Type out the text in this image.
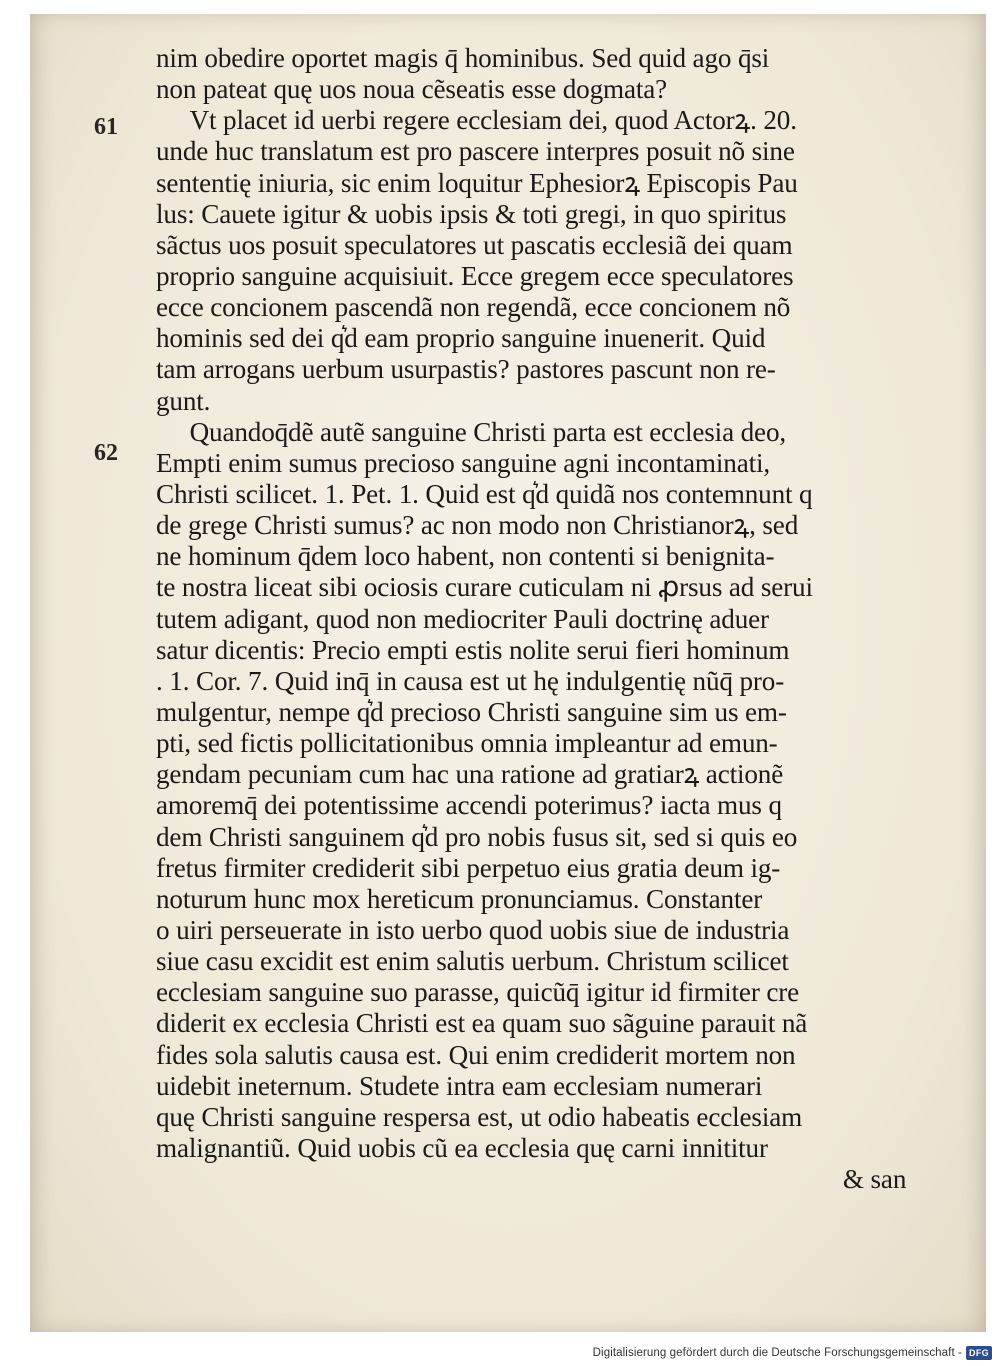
61
62
nim obedire oportet magis q̄ hominibus. Sed quid ago q̄si
non pateat quę uos noua cẽseatis esse dogmata?
Vt placet id uerbi regere ecclesiam dei, quod Actorꝝ. 20.
unde huc translatum est pro pascere interpres posuit nõ sine
sententię iniuria, sic enim loquitur Ephesiorꝝ Episcopis Pau
lus: Cauete igitur & uobis ipsis & toti gregi, in quo spiritus
sãctus uos posuit speculatores ut pascatis ecclesiã dei quam
proprio sanguine acquisiuit. Ecce gregem ecce speculatores
ecce concionem pascendã non regendã, ecce concionem nõ
hominis sed dei q͛d eam proprio sanguine inuenerit. Quid
tam arrogans uerbum usurpastis? pastores pascunt non re-
gunt.
Quandoq̄dẽ autẽ sanguine Christi parta est ecclesia deo,
Empti enim sumus precioso sanguine agni incontaminati,
Christi scilicet. 1. Pet. 1. Quid est q͛d quidã nos contemnunt q
de grege Christi sumus? ac non modo non Christianorꝝ, sed
ne hominum q̄dem loco habent, non contenti si benignita-
te nostra liceat sibi ociosis curare cuticulam ni ꝓrsus ad serui
tutem adigant, quod non mediocriter Pauli doctrinę aduer
satur dicentis: Precio empti estis nolite serui fieri hominum
. 1. Cor. 7. Quid inq̄ in causa est ut hę indulgentię nũq̄ pro-
mulgentur, nempe q͛d precioso Christi sanguine sim us em-
pti, sed fictis pollicitationibus omnia impleantur ad emun-
gendam pecuniam cum hac una ratione ad gratiarꝝ actionẽ
amoremq̄ dei potentissime accendi poterimus? iacta mus q
dem Christi sanguinem q͛d pro nobis fusus sit, sed si quis eo
fretus firmiter crediderit sibi perpetuo eius gratia deum ig-
noturum hunc mox hereticum pronunciamus. Constanter
o uiri perseuerate in isto uerbo quod uobis siue de industria
siue casu excidit est enim salutis uerbum. Christum scilicet
ecclesiam sanguine suo parasse, quicũq̄ igitur id firmiter cre
diderit ex ecclesia Christi est ea quam suo sãguine parauit nã
fides sola salutis causa est. Qui enim crediderit mortem non
uidebit ineternum. Studete intra eam ecclesiam numerari
quę Christi sanguine respersa est, ut odio habeatis ecclesiam
malignantiũ. Quid uobis cũ ea ecclesia quę carni innititur
& san
Digitalisierung gefördert durch die Deutsche Forschungsgemeinschaft - DFG
